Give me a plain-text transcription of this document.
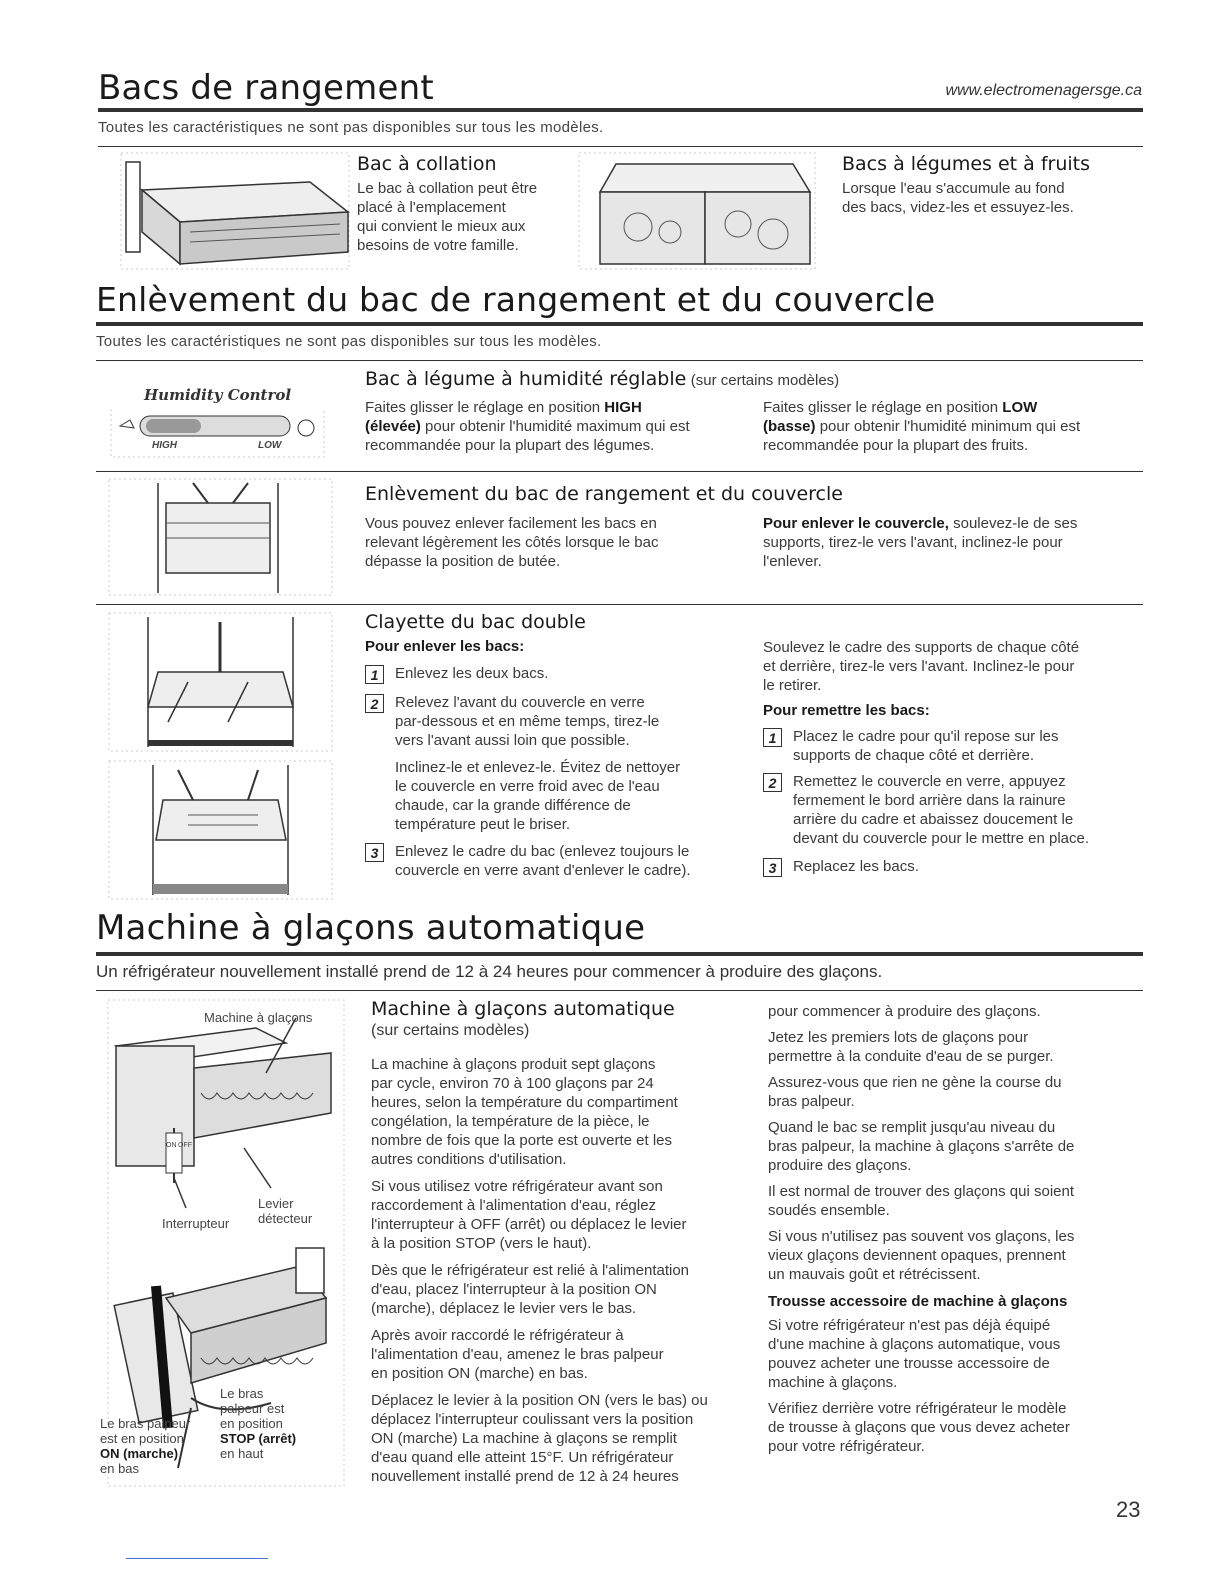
Bacs de rangement	www.electromenagersge.ca
Toutes les caractéristiques ne sont pas disponibles sur tous les modèles.
Bac à collation
Le bac à collation peut être
placé à l'emplacement
qui convient le mieux aux
besoins de votre famille.
Bacs à légumes et à fruits
Lorsque l'eau s'accumule au fond
des bacs, videz-les et essuyez-les.
Enlèvement du bac de rangement et du couvercle
Toutes les caractéristiques ne sont pas disponibles sur tous les modèles.
Humidity Control
HIGH	LOW
Bac à légume à humidité réglable (sur certains modèles)
Faites glisser le réglage en position HIGH
(élevée) pour obtenir l'humidité maximum qui est
recommandée pour la plupart des légumes.
Faites glisser le réglage en position LOW
(basse) pour obtenir l'humidité minimum qui est
recommandée pour la plupart des fruits.
Enlèvement du bac de rangement et du couvercle
Vous pouvez enlever facilement les bacs en
relevant légèrement les côtés lorsque le bac
dépasse la position de butée.
Pour enlever le couvercle, soulevez-le de ses
supports, tirez-le vers l'avant, inclinez-le pour
l'enlever.
Clayette du bac double
Pour enlever les bacs:
1	Enlevez les deux bacs.
2	Relevez l'avant du couvercle en verre
par-dessous et en même temps, tirez-le
vers l'avant aussi loin que possible.
Inclinez-le et enlevez-le. Évitez de nettoyer
le couvercle en verre froid avec de l'eau
chaude, car la grande différence de
température peut le briser.
3	Enlevez le cadre du bac (enlevez toujours le
couvercle en verre avant d'enlever le cadre).
Soulevez le cadre des supports de chaque côté
et derrière, tirez-le vers l'avant. Inclinez-le pour
le retirer.
Pour remettre les bacs:
1	Placez le cadre pour qu'il repose sur les
supports de chaque côté et derrière.
2	Remettez le couvercle en verre, appuyez
fermement le bord arrière dans la rainure
arrière du cadre et abaissez doucement le
devant du couvercle pour le mettre en place.
3	Replacez les bacs.
Machine à glaçons automatique
Un réfrigérateur nouvellement installé prend de 12 à 24 heures pour commencer à produire des glaçons.
Machine à glaçons
ON OFF
Levier
détecteur
Interrupteur
Le bras
palpeur est
en position
STOP (arrêt)
en haut
Le bras palpeur
est en position
ON (marche)
en bas
Machine à glaçons automatique
(sur certains modèles)
La machine à glaçons produit sept glaçons
par cycle, environ 70 à 100 glaçons par 24
heures, selon la température du compartiment
congélation, la température de la pièce, le
nombre de fois que la porte est ouverte et les
autres conditions d'utilisation.
Si vous utilisez votre réfrigérateur avant son
raccordement à l'alimentation d'eau, réglez
l'interrupteur à OFF (arrêt) ou déplacez le levier
à la position STOP (vers le haut).
Dès que le réfrigérateur est relié à l'alimentation
d'eau, placez l'interrupteur à la position ON
(marche), déplacez le levier vers le bas.
Après avoir raccordé le réfrigérateur à
l'alimentation d'eau, amenez le bras palpeur
en position ON (marche) en bas.
Déplacez le levier à la position ON (vers le bas) ou
déplacez l'interrupteur coulissant vers la position
ON (marche) La machine à glaçons se remplit
d'eau quand elle atteint 15°F. Un réfrigérateur
nouvellement installé prend de 12 à 24 heures
pour commencer à produire des glaçons.
Jetez les premiers lots de glaçons pour
permettre à la conduite d'eau de se purger.
Assurez-vous que rien ne gène la course du
bras palpeur.
Quand le bac se remplit jusqu'au niveau du
bras palpeur, la machine à glaçons s'arrête de
produire des glaçons.
Il est normal de trouver des glaçons qui soient
soudés ensemble.
Si vous n'utilisez pas souvent vos glaçons, les
vieux glaçons deviennent opaques, prennent
un mauvais goût et rétrécissent.
Trousse accessoire de machine à glaçons
Si votre réfrigérateur n'est pas déjà équipé
d'une machine à glaçons automatique, vous
pouvez acheter une trousse accessoire de
machine à glaçons.
Vérifiez derrière votre réfrigérateur le modèle
de trousse à glaçons que vous devez acheter
pour votre réfrigérateur.
23
